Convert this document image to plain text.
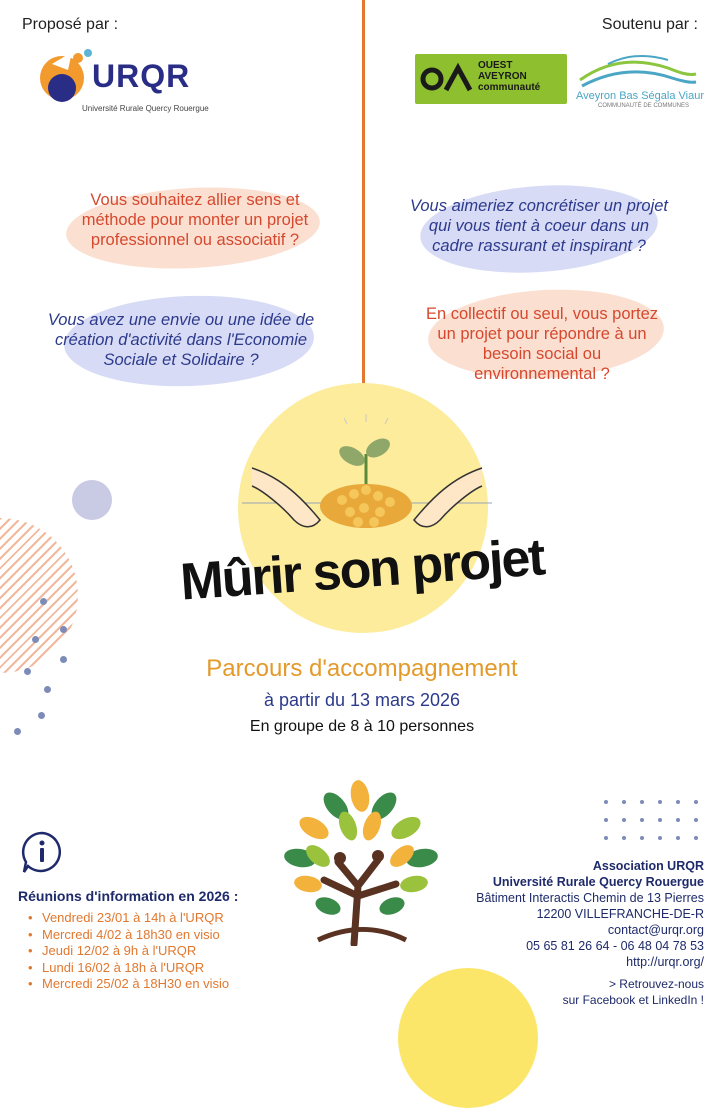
Proposé par :	Soutenu par :
URQR
Université Rurale Quercy Rouergue
OUEST
AVEYRON
communauté
Aveyron Bas Ségala Viaur
COMMUNAUTÉ DE COMMUNES
Vous souhaitez allier sens et méthode pour monter un projet professionnel ou associatif ?
Vous aimeriez concrétiser un projet qui vous tient à coeur dans un cadre rassurant et inspirant ?
Vous avez une envie ou une idée de création d'activité dans l'Economie Sociale et Solidaire ?
En collectif ou seul, vous portez un projet pour répondre à un besoin social ou environnemental ?
Mûrir son projet
Parcours d'accompagnement
à partir du 13 mars 2026
En groupe de 8 à 10 personnes
Réunions d'information en 2026 :
• Vendredi 23/01 à 14h à l'URQR
• Mercredi 4/02 à 18h30 en visio
• Jeudi 12/02 à 9h à l'URQR
• Lundi 16/02 à 18h à l'URQR
• Mercredi 25/02 à 18H30 en visio
Association URQR
Université Rurale Quercy Rouergue
Bâtiment Interactis Chemin de 13 Pierres
12200 VILLEFRANCHE-DE-R
contact@urqr.org
05 65 81 26 64 - 06 48 04 78 53
http://urqr.org/
> Retrouvez-nous
sur Facebook et LinkedIn !
